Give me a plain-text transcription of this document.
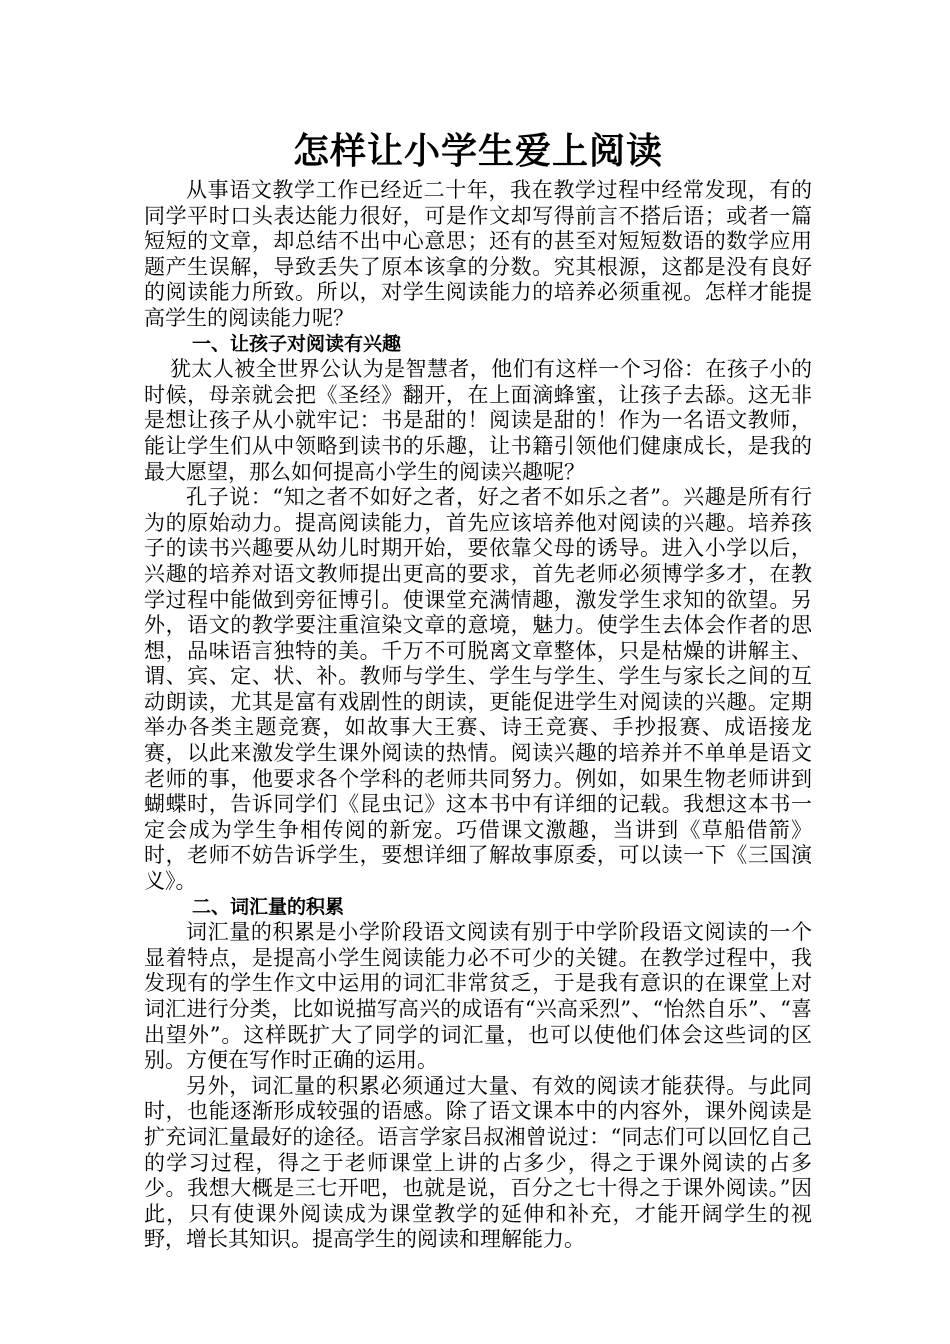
怎样让小学生爱上阅读

从事语文教学工作已经近二十年，我在教学过程中经常发现，有的同学平时口头表达能力很好，可是作文却写得前言不搭后语；或者一篇短短的文章，却总结不出中心意思；还有的甚至对短短数语的数学应用题产生误解，导致丢失了原本该拿的分数。究其根源，这都是没有良好的阅读能力所致。所以，对学生阅读能力的培养必须重视。怎样才能提高学生的阅读能力呢？

一、让孩子对阅读有兴趣

犹太人被全世界公认为是智慧者，他们有这样一个习俗：在孩子小的时候，母亲就会把《圣经》翻开，在上面滴蜂蜜，让孩子去舔。这无非是想让孩子从小就牢记：书是甜的！阅读是甜的！作为一名语文教师，能让学生们从中领略到读书的乐趣，让书籍引领他们健康成长，是我的最大愿望，那么如何提高小学生的阅读兴趣呢？

孔子说：“知之者不如好之者，好之者不如乐之者”。兴趣是所有行为的原始动力。提高阅读能力，首先应该培养他对阅读的兴趣。培养孩子的读书兴趣要从幼儿时期开始，要依靠父母的诱导。进入小学以后，兴趣的培养对语文教师提出更高的要求，首先老师必须博学多才，在教学过程中能做到旁征博引。使课堂充满情趣，激发学生求知的欲望。另外，语文的教学要注重渲染文章的意境，魅力。使学生去体会作者的思想，品味语言独特的美。千万不可脱离文章整体，只是枯燥的讲解主、谓、宾、定、状、补。教师与学生、学生与学生、学生与家长之间的互动朗读，尤其是富有戏剧性的朗读，更能促进学生对阅读的兴趣。定期举办各类主题竞赛，如故事大王赛、诗王竞赛、手抄报赛、成语接龙赛，以此来激发学生课外阅读的热情。阅读兴趣的培养并不单单是语文老师的事，他要求各个学科的老师共同努力。例如，如果生物老师讲到蝴蝶时，告诉同学们《昆虫记》这本书中有详细的记载。我想这本书一定会成为学生争相传阅的新宠。巧借课文激趣，当讲到《草船借箭》时，老师不妨告诉学生，要想详细了解故事原委，可以读一下《三国演义》。

二、词汇量的积累

词汇量的积累是小学阶段语文阅读有别于中学阶段语文阅读的一个显着特点，是提高小学生阅读能力必不可少的关键。在教学过程中，我发现有的学生作文中运用的词汇非常贫乏，于是我有意识的在课堂上对词汇进行分类，比如说描写高兴的成语有“兴高采烈”、“怡然自乐”、“喜出望外”。这样既扩大了同学的词汇量，也可以使他们体会这些词的区别。方便在写作时正确的运用。

另外，词汇量的积累必须通过大量、有效的阅读才能获得。与此同时，也能逐渐形成较强的语感。除了语文课本中的内容外，课外阅读是扩充词汇量最好的途径。语言学家吕叔湘曾说过：“同志们可以回忆自己的学习过程，得之于老师课堂上讲的占多少，得之于课外阅读的占多少。我想大概是三七开吧，也就是说，百分之七十得之于课外阅读。”因此，只有使课外阅读成为课堂教学的延伸和补充，才能开阔学生的视野，增长其知识。提高学生的阅读和理解能力。
